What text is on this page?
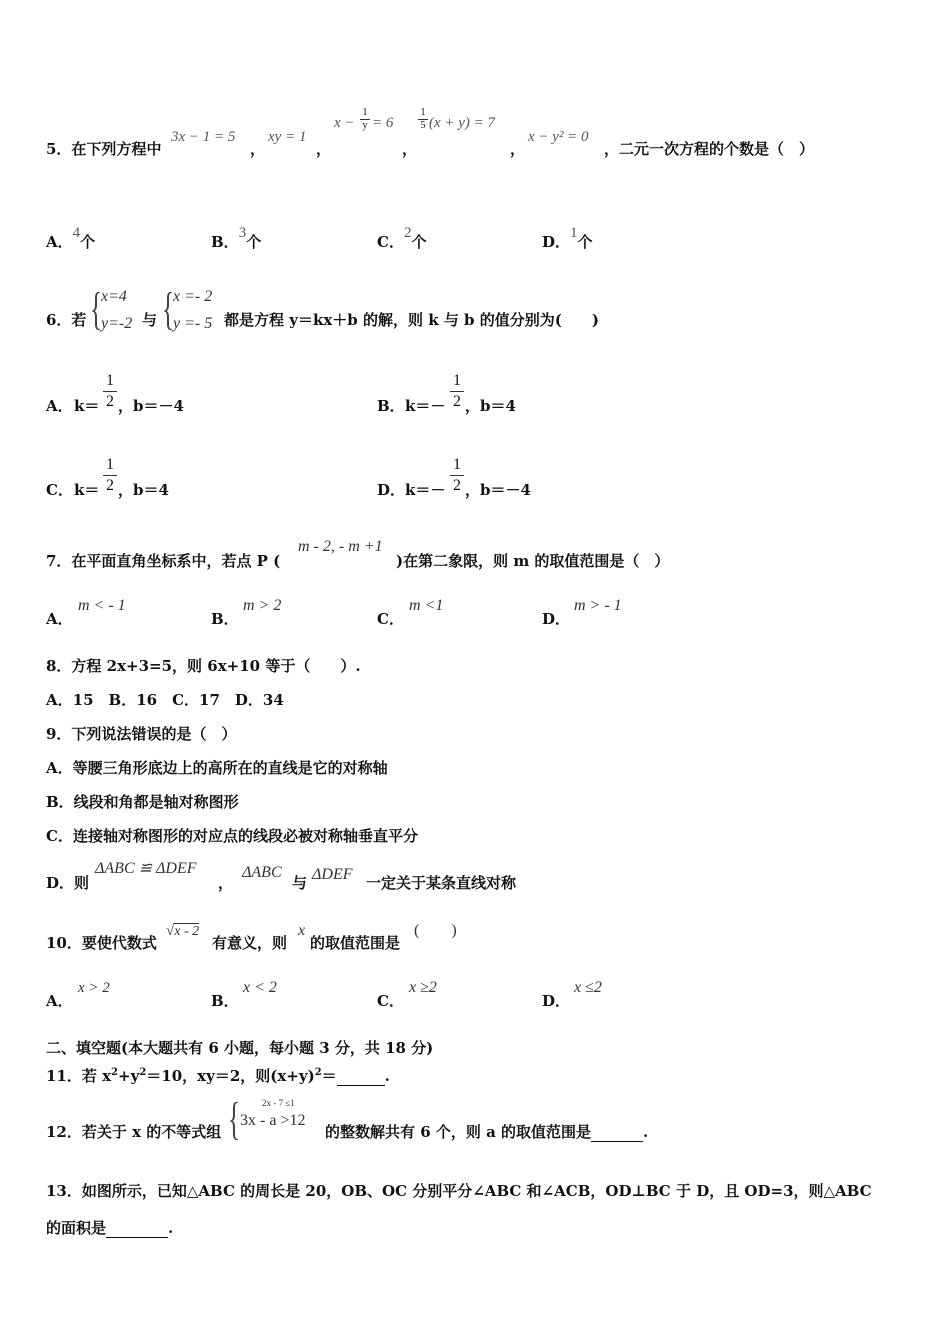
5．在下列方程中
3x − 1 = 5
，
xy = 1
，
x −
1
y = 6
，
1
5 (x + y) = 7
，
x − y² = 0
，二元一次方程的个数是（　）
A．4个	B．3个	C．2个	D．1个
6．若 {
x=4
y=-2 与 {
x =- 2
y =- 5 都是方程 y＝kx＋b 的解，则 k 与 b 的值分别为(　　)
A． k＝
1
2 ，b＝－4	B． k＝－
1
2 ，b＝4
C． k＝
1
2 ，b＝4	D． k＝－
1
2 ，b＝－4
7．在平面直角坐标系中，若点 P (
m - 2, - m +1
)在第二象限，则 m 的取值范围是（　）
A．
m < - 1
B．
m > 2
C．
m <1
D．
m > - 1
8．方程 2x+3=5，则 6x+10 等于（　　）.
A．15　B．16　C．17　D．34
9．下列说法错误的是（　）
A．等腰三角形底边上的高所在的直线是它的对称轴
B．线段和角都是轴对称图形
C．连接轴对称图形的对应点的线段必被对称轴垂直平分
D．则
ΔABC ≌ ΔDEF
，
ΔABC
与 ΔDEF 一定关于某条直线对称
10．要使代数式
√x - 2
有意义，则
x
的取值范围是
(　　)
A．
x > 2
B．
x < 2
C．
x ≥2
D．
x ≤2
二、填空题(本大题共有 6 小题，每小题 3 分，共 18 分)
11．若 $x^2+y^2=10$，xy＝2，则$(x+y)^2=$	.
12．若关于 x 的不等式组 { 2x - 7 ≤1
3x - a >12
的整数解共有 6 个，则 a 的取值范围是	.
13．如图所示，已知△ABC 的周长是 20，OB、OC 分别平分∠ABC 和∠ACB，OD⊥BC 于 D，且 OD=3，则△ABC
的面积是	.
